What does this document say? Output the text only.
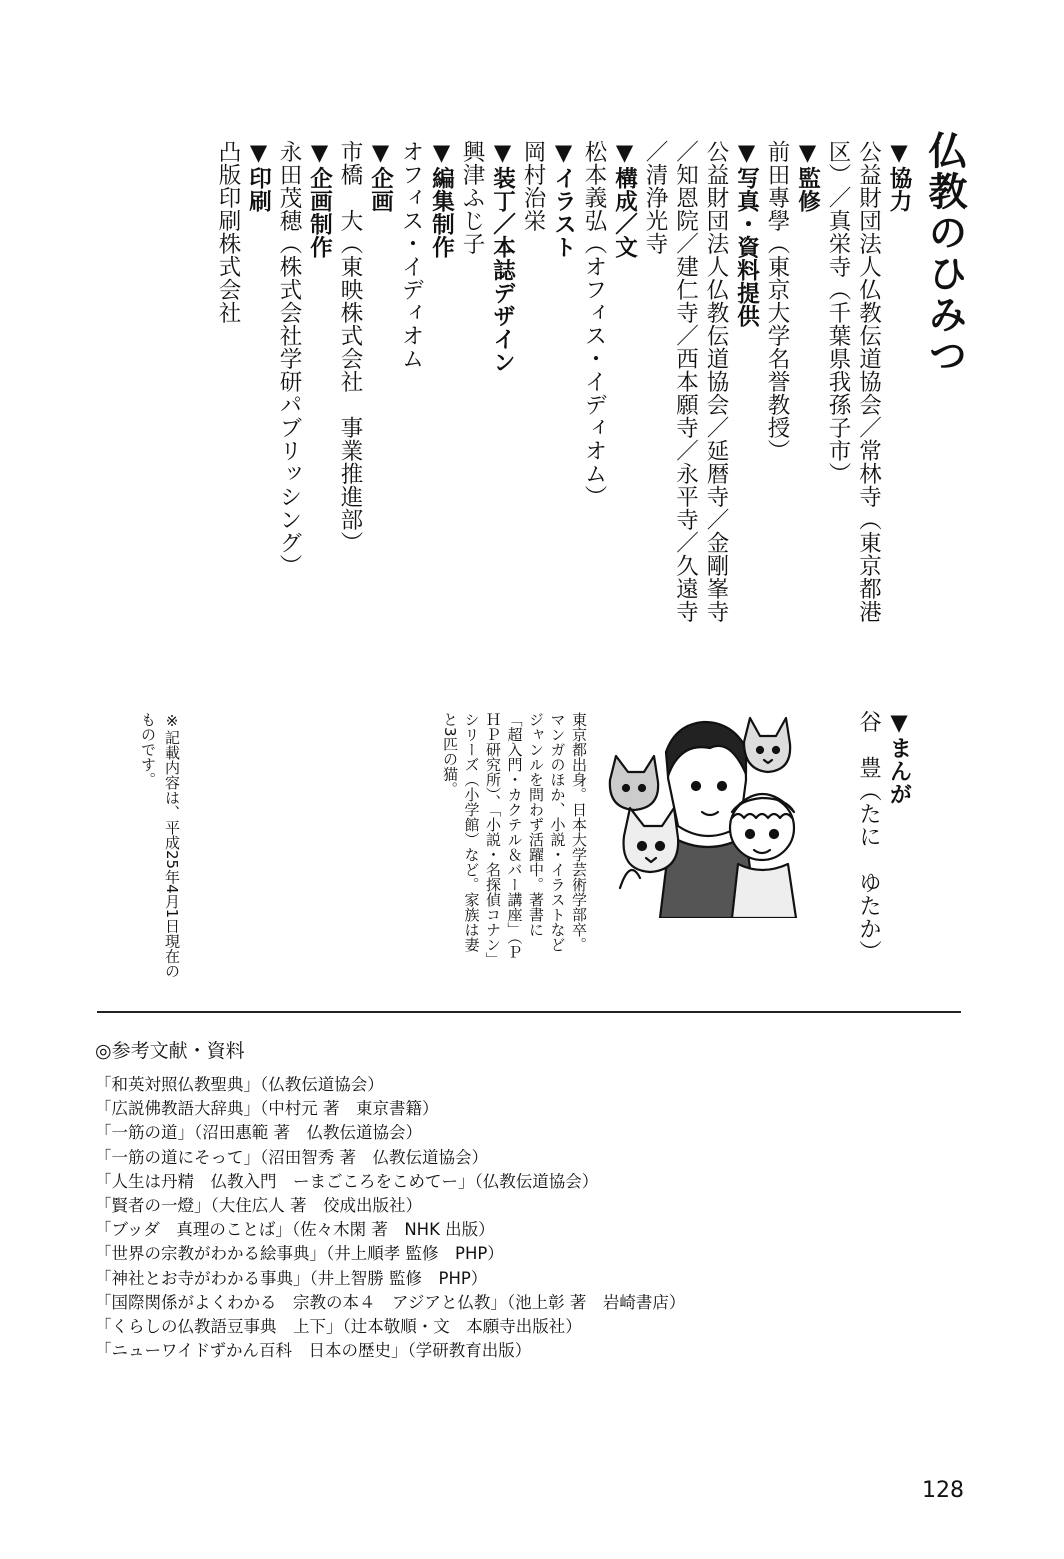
仏教のひみつ
▼協力
公益財団法人仏教伝道協会／常林寺（東京都港
区）／真栄寺（千葉県我孫子市）
▼監修
前田專學（東京大学名誉教授）
▼写真・資料提供
公益財団法人仏教伝道協会／延暦寺／金剛峯寺
／知恩院／建仁寺／西本願寺／永平寺／久遠寺
／清浄光寺
▼構成／文
松本義弘（オフィス・イディオム）
▼イラスト
岡村治栄
▼装丁／本誌デザイン
興津ふじ子
▼編集制作
オフィス・イディオム
▼企画
市橋　大（東映株式会社　事業推進部）
▼企画制作
永田茂穂（株式会社学研パブリッシング）
▼印刷
凸版印刷株式会社
▼まんが
谷　豊（たに　ゆたか）
東京都出身。日本大学芸術学部卒。マンガのほか、小説・イラストなどジャンルを問わず活躍中。著書に「超入門・カクテル＆バー講座」（ＰＨＰ研究所）、「小説・名探偵コナン」シリーズ（小学館）など。家族は妻と3匹の猫。
※記載内容は、平成25年4月1日現在のものです。
◎参考文献・資料
「和英対照仏教聖典」（仏教伝道協会）
「広説佛教語大辞典」（中村元 著　東京書籍）
「一筋の道」（沼田惠範 著　仏教伝道協会）
「一筋の道にそって」（沼田智秀 著　仏教伝道協会）
「人生は丹精　仏教入門　ーまごころをこめてー」（仏教伝道協会）
「賢者の一燈」（大住広人 著　佼成出版社）
「ブッダ　真理のことば」（佐々木閑 著　NHK 出版）
「世界の宗教がわかる絵事典」（井上順孝 監修　PHP）
「神社とお寺がわかる事典」（井上智勝 監修　PHP）
「国際関係がよくわかる　宗教の本４　アジアと仏教」（池上彰 著　岩崎書店）
「くらしの仏教語豆事典　上下」（辻本敬順・文　本願寺出版社）
「ニューワイドずかん百科　日本の歴史」（学研教育出版）
128
